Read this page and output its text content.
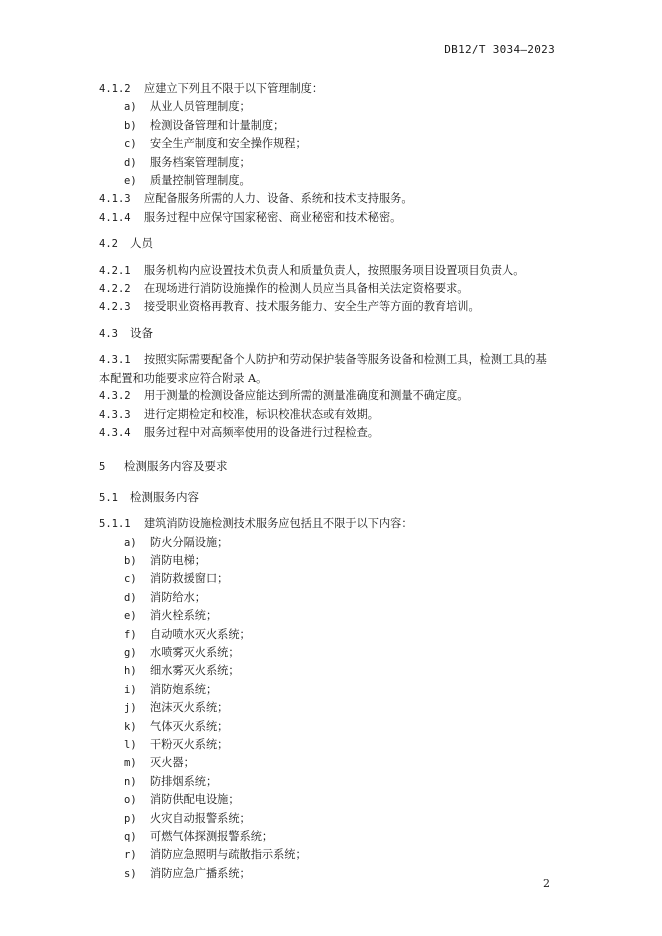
DB12/T 3034—2023
4.1.2 应建立下列且不限于以下管理制度：
a) 从业人员管理制度；
b) 检测设备管理和计量制度；
c) 安全生产制度和安全操作规程；
d) 服务档案管理制度；
e) 质量控制管理制度。
4.1.3 应配备服务所需的人力、设备、系统和技术支持服务。
4.1.4 服务过程中应保守国家秘密、商业秘密和技术秘密。
4.2 人员
4.2.1 服务机构内应设置技术负责人和质量负责人，按照服务项目设置项目负责人。
4.2.2 在现场进行消防设施操作的检测人员应当具备相关法定资格要求。
4.2.3 接受职业资格再教育、技术服务能力、安全生产等方面的教育培训。
4.3 设备
4.3.1 按照实际需要配备个人防护和劳动保护装备等服务设备和检测工具，检测工具的基
本配置和功能要求应符合附录 A。
4.3.2 用于测量的检测设备应能达到所需的测量准确度和测量不确定度。
4.3.3 进行定期检定和校准，标识校准状态或有效期。
4.3.4 服务过程中对高频率使用的设备进行过程检查。
5 检测服务内容及要求
5.1 检测服务内容
5.1.1 建筑消防设施检测技术服务应包括且不限于以下内容：
a) 防火分隔设施；
b) 消防电梯；
c) 消防救援窗口；
d) 消防给水；
e) 消火栓系统；
f) 自动喷水灭火系统；
g) 水喷雾灭火系统；
h) 细水雾灭火系统；
i) 消防炮系统；
j) 泡沫灭火系统；
k) 气体灭火系统；
l) 干粉灭火系统；
m) 灭火器；
n) 防排烟系统；
o) 消防供配电设施；
p) 火灾自动报警系统；
q) 可燃气体探测报警系统；
r) 消防应急照明与疏散指示系统；
s) 消防应急广播系统；
2
